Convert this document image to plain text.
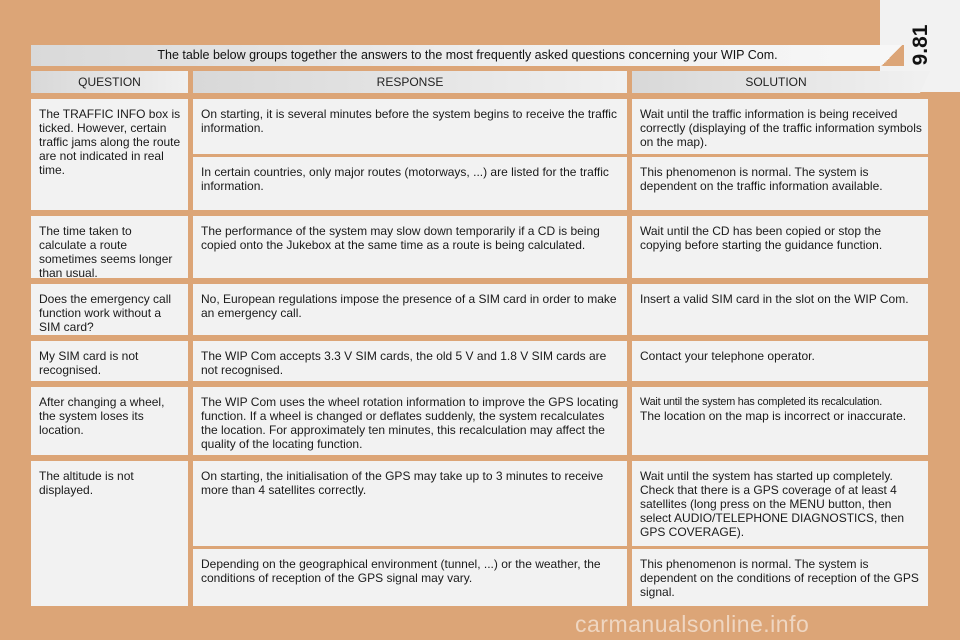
9.81
The table below groups together the answers to the most frequently asked questions concerning your WIP Com.
QUESTION	RESPONSE	SOLUTION
The TRAFFIC INFO box is ticked. However, certain traffic jams along the route are not indicated in real time.
On starting, it is several minutes before the system begins to receive the traffic information.
Wait until the traffic information is being received correctly (displaying of the traffic information symbols on the map).
In certain countries, only major routes (motorways, ...) are listed for the traffic information.
This phenomenon is normal. The system is dependent on the traffic information available.
The time taken to calculate a route sometimes seems longer than usual.
The performance of the system may slow down temporarily if a CD is being copied onto the Jukebox at the same time as a route is being calculated.
Wait until the CD has been copied or stop the copying before starting the guidance function.
Does the emergency call function work without a SIM card?
No, European regulations impose the presence of a SIM card in order to make an emergency call.
Insert a valid SIM card in the slot on the WIP Com.
My SIM card is not recognised.
The WIP Com accepts 3.3 V SIM cards, the old 5 V and 1.8 V SIM cards are not recognised.
Contact your telephone operator.
After changing a wheel, the system loses its location.
The WIP Com uses the wheel rotation information to improve the GPS locating function. If a wheel is changed or deflates suddenly, the system recalculates the location. For approximately ten minutes, this recalculation may affect the quality of the locating function.
Wait until the system has completed its recalculation.
The location on the map is incorrect or inaccurate.
The altitude is not displayed.
On starting, the initialisation of the GPS may take up to 3 minutes to receive more than 4 satellites correctly.
Wait until the system has started up completely. Check that there is a GPS coverage of at least 4 satellites (long press on the MENU button, then select AUDIO/TELEPHONE DIAGNOSTICS, then GPS COVERAGE).
Depending on the geographical environment (tunnel, ...) or the weather, the conditions of reception of the GPS signal may vary.
This phenomenon is normal. The system is dependent on the conditions of reception of the GPS signal.
carmanualsonline.info
